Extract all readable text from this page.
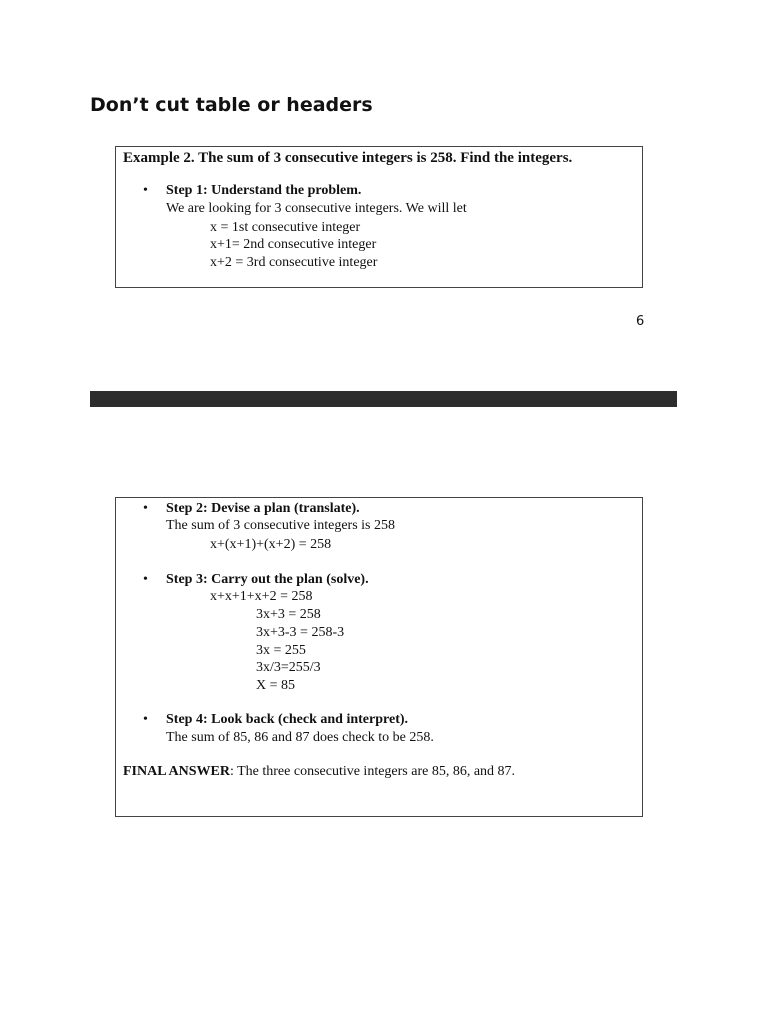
Don’t cut table or headers
Example 2. The sum of 3 consecutive integers is 258. Find the integers.
• Step 1: Understand the problem.
We are looking for 3 consecutive integers. We will let
x = 1st consecutive integer
x+1= 2nd consecutive integer
x+2 = 3rd consecutive integer
6
• Step 2: Devise a plan (translate).
The sum of 3 consecutive integers is 258
x+(x+1)+(x+2) = 258
• Step 3: Carry out the plan (solve).
x+x+1+x+2 = 258
3x+3 = 258
3x+3-3 = 258-3
3x = 255
3x/3=255/3
X = 85
• Step 4: Look back (check and interpret).
The sum of 85, 86 and 87 does check to be 258.
FINAL ANSWER: The three consecutive integers are 85, 86, and 87.
